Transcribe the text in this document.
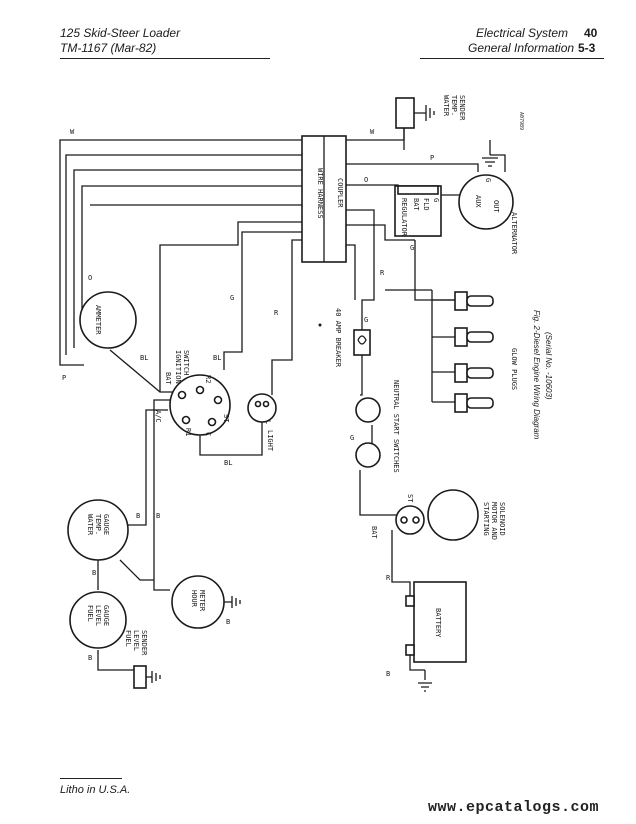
125 Skid-Steer Loader
TM-1167 (Mar-82)
Electrical System 40
General Information 5-3
WATER TEMP. SENDER
A07989
WIRE HARNESS COUPLER
REGULATOR BAT FLD G	AUX OUT
G
ALTERNATOR
AMMETER
IGNITION SWITCH
BAT
A/C
R1
R2
ST
C
L
LIGHT
40 AMP BREAKER
NEUTRAL START SWITCHES
GLOW PLUGS Fig. 2-Diesel Engine Wiring Diagram (Serial No. -10603)
WATER TEMP. GAUGE
ST
BAT	STARTING MOTOR AND SOLENOID
HOUR METER
FUEL LEVEL GAUGE
FUEL LEVEL SENDER
BATTERY
W	W
P
P
O
O
G
G
G
G
R
R
R
BL	BL
BL
B B
B
B
B
B
Litho in U.S.A.
www.epcatalogs.com
